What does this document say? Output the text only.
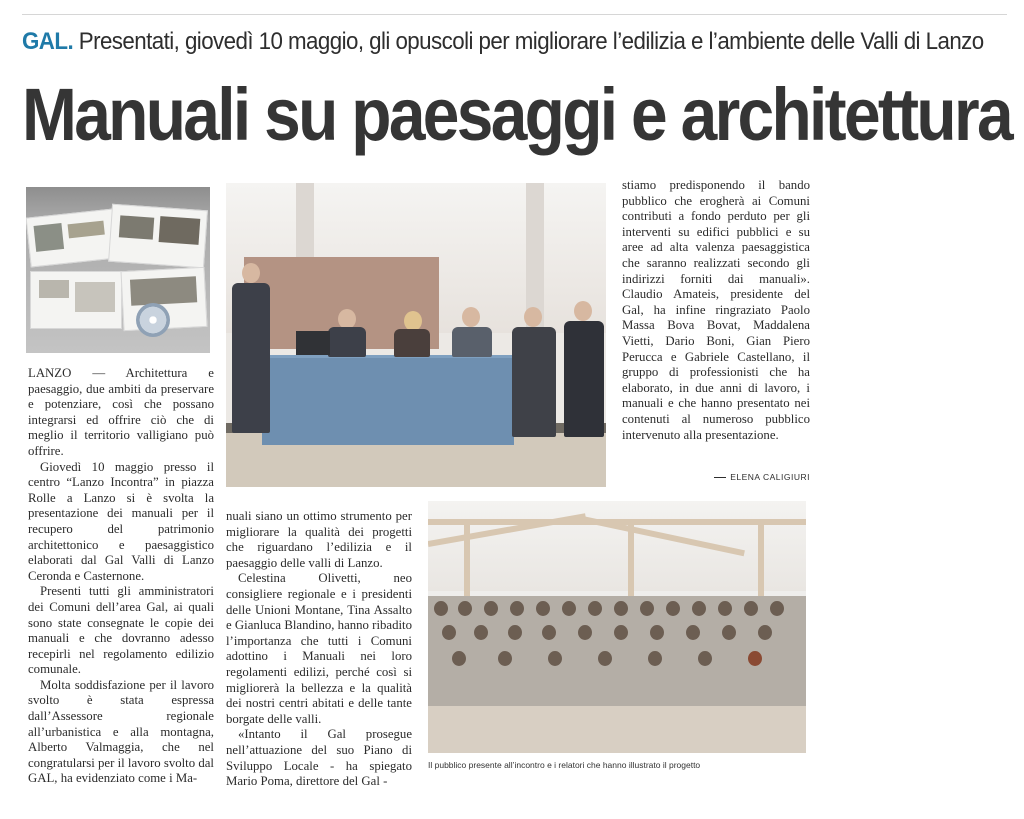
GAL. Presentati, giovedì 10 maggio, gli opuscoli per migliorare l’edilizia e l’ambiente delle Valli di Lanzo
Manuali su paesaggi e architettura
Il pubblico presente all’incontro e i relatori che hanno illustrato il progetto

LANZO — Architettura e paesaggio, due ambiti da preservare e potenziare, così che possano integrarsi ed offrire ciò che di meglio il territorio valligiano può offrire.

Giovedì 10 maggio presso il centro “Lanzo Incontra” in piazza Rolle a Lanzo si è svolta la presentazione dei manuali per il recupero del patrimonio architettonico e paesaggistico elaborati dal Gal Valli di Lanzo Ceronda e Casternone.

Presenti tutti gli amministratori dei Comuni dell’area Gal, ai quali sono state consegnate le copie dei manuali e che dovranno adesso recepirli nel regolamento edilizio comunale.

Molta soddisfazione per il lavoro svolto è stata espressa dall’Assessore regionale all’urbanistica e alla montagna, Alberto Valmaggia, che nel congratularsi per il lavoro svolto dal GAL, ha evidenziato come i Ma-

nuali siano un ottimo strumento per migliorare la qualità dei progetti che riguardano l’edilizia e il paesaggio delle valli di Lanzo.

Celestina Olivetti, neo consigliere regionale e i presidenti delle Unioni Montane, Tina Assalto e Gianluca Blandino, hanno ribadito l’importanza che tutti i Comuni adottino i Manuali nei loro regolamenti edilizi, perché così si migliorerà la bellezza e la qualità dei nostri centri abitati e delle tante borgate delle valli.

«Intanto il Gal prosegue nell’attuazione del suo Piano di Sviluppo Locale - ha spiegato Mario Poma, direttore del Gal -

stiamo predisponendo il bando pubblico che erogherà ai Comuni contributi a fondo perduto per gli interventi su edifici pubblici e su aree ad alta valenza paesaggistica che saranno realizzati secondo gli indirizzi forniti dai manuali». Claudio Amateis, presidente del Gal, ha infine ringraziato Paolo Massa Bova Bovat, Maddalena Vietti, Dario Boni, Gian Piero Perucca e Gabriele Castellano, il gruppo di professionisti che ha elaborato, in due anni di lavoro, i manuali e che hanno presentato nei contenuti al numeroso pubblico intervenuto alla presentazione.

ELENA CALIGIURI
